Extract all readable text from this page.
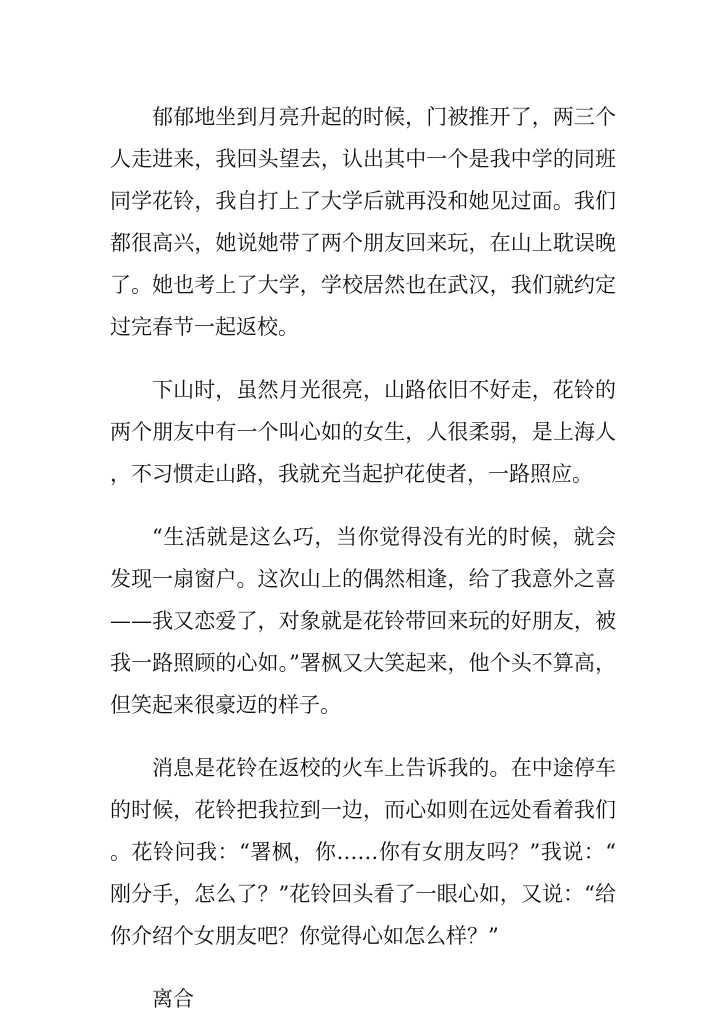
郁郁地坐到月亮升起的时候，门被推开了，两三个人走进来，我回头望去，认出其中一个是我中学的同班同学花铃，我自打上了大学后就再没和她见过面。我们都很高兴，她说她带了两个朋友回来玩，在山上耽误晚了。她也考上了大学，学校居然也在武汉，我们就约定过完春节一起返校。

下山时，虽然月光很亮，山路依旧不好走，花铃的两个朋友中有一个叫心如的女生，人很柔弱，是上海人，不习惯走山路，我就充当起护花使者，一路照应。

“生活就是这么巧，当你觉得没有光的时候，就会发现一扇窗户。这次山上的偶然相逢，给了我意外之喜——我又恋爱了，对象就是花铃带回来玩的好朋友，被我一路照顾的心如。”署枫又大笑起来，他个头不算高，但笑起来很豪迈的样子。

消息是花铃在返校的火车上告诉我的。在中途停车的时候，花铃把我拉到一边，而心如则在远处看着我们。花铃问我：“署枫，你……你有女朋友吗？”我说：“刚分手，怎么了？”花铃回头看了一眼心如，又说：“给你介绍个女朋友吧？你觉得心如怎么样？”

离合
